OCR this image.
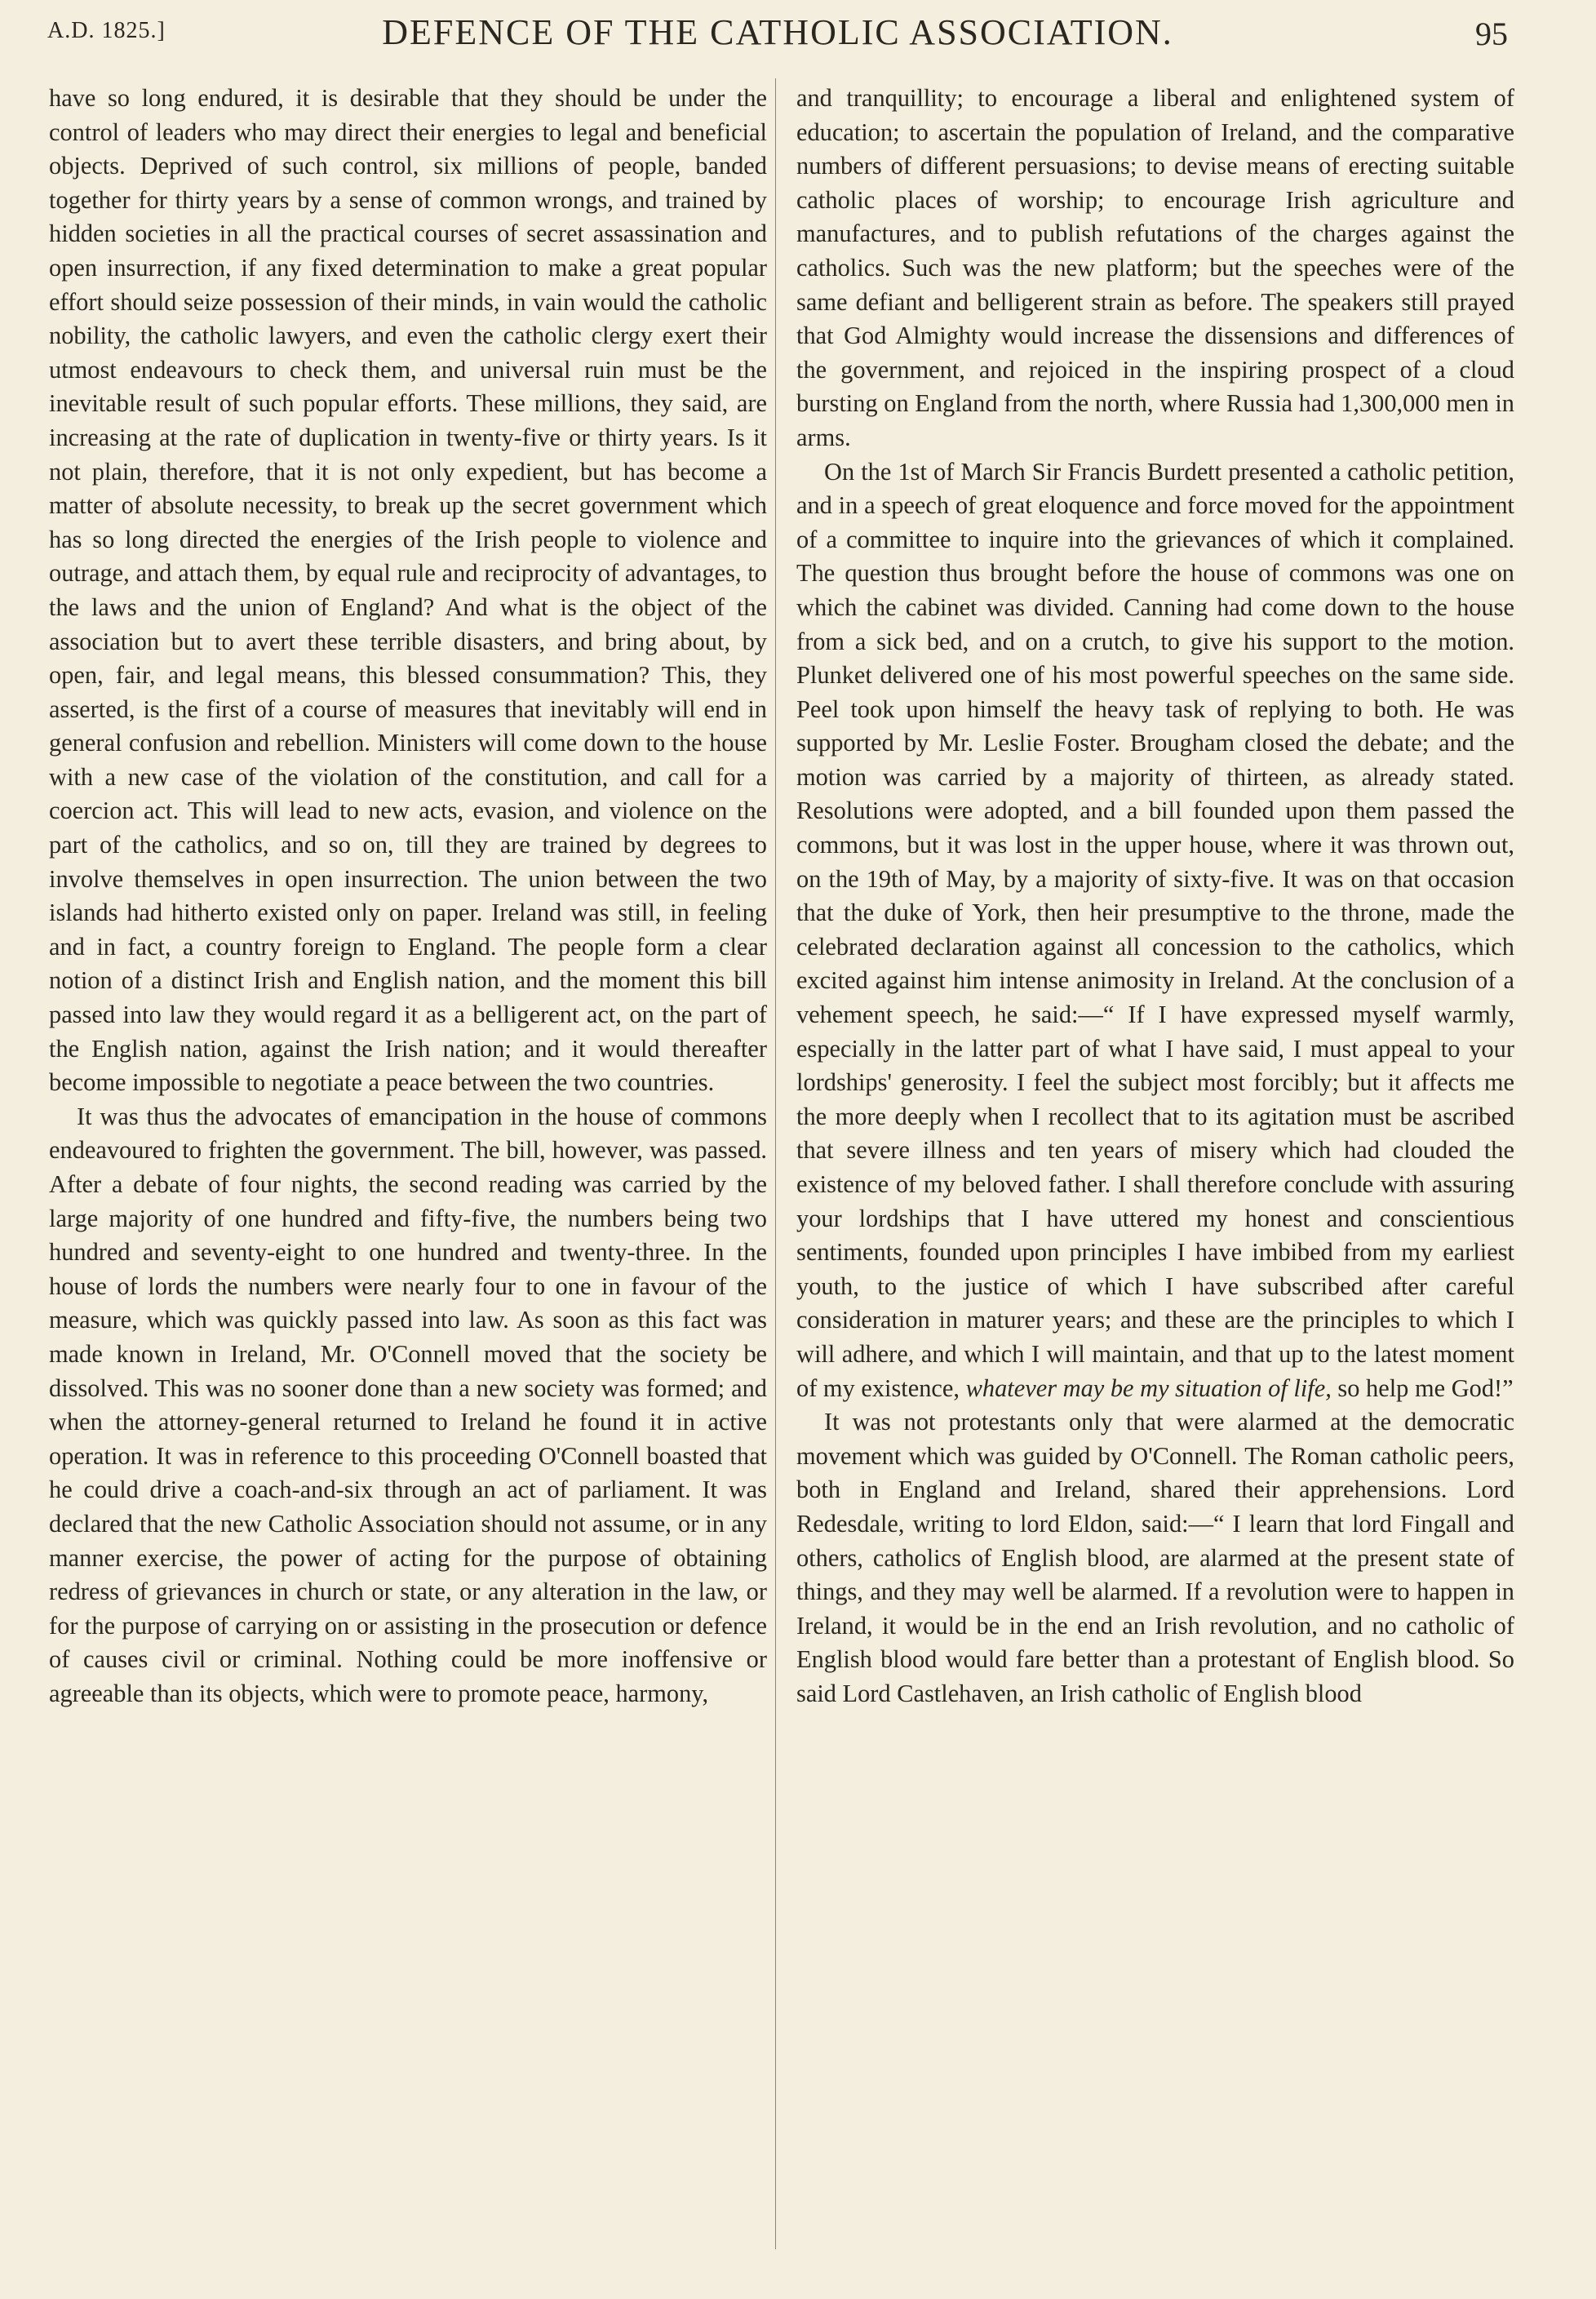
A.D. 1825.]	DEFENCE OF THE CATHOLIC ASSOCIATION.	95

have so long endured, it is desirable that they should be under the control of leaders who may direct their energies to legal and beneficial objects. Deprived of such control, six millions of people, banded together for thirty years by a sense of common wrongs, and trained by hidden societies in all the practical courses of secret assassination and open insurrection, if any fixed determination to make a great popular effort should seize possession of their minds, in vain would the catholic nobility, the catholic lawyers, and even the catholic clergy exert their utmost endeavours to check them, and universal ruin must be the inevitable result of such popular efforts. These millions, they said, are increasing at the rate of duplication in twenty-five or thirty years. Is it not plain, therefore, that it is not only expedient, but has become a matter of absolute necessity, to break up the secret government which has so long directed the energies of the Irish people to violence and outrage, and attach them, by equal rule and reciprocity of advantages, to the laws and the union of England? And what is the object of the association but to avert these terrible disasters, and bring about, by open, fair, and legal means, this blessed consummation? This, they asserted, is the first of a course of measures that inevitably will end in general confusion and rebellion. Ministers will come down to the house with a new case of the violation of the constitution, and call for a coercion act. This will lead to new acts, evasion, and violence on the part of the catholics, and so on, till they are trained by degrees to involve themselves in open insurrection. The union between the two islands had hitherto existed only on paper. Ireland was still, in feeling and in fact, a country foreign to England. The people form a clear notion of a distinct Irish and English nation, and the moment this bill passed into law they would regard it as a belligerent act, on the part of the English nation, against the Irish nation; and it would thereafter become impossible to negotiate a peace between the two countries.

It was thus the advocates of emancipation in the house of commons endeavoured to frighten the government. The bill, however, was passed. After a debate of four nights, the second reading was carried by the large majority of one hundred and fifty-five, the numbers being two hundred and seventy-eight to one hundred and twenty-three. In the house of lords the numbers were nearly four to one in favour of the measure, which was quickly passed into law. As soon as this fact was made known in Ireland, Mr. O'Connell moved that the society be dissolved. This was no sooner done than a new society was formed; and when the attorney-general returned to Ireland he found it in active operation. It was in reference to this proceeding O'Connell boasted that he could drive a coach-and-six through an act of parliament. It was declared that the new Catholic Association should not assume, or in any manner exercise, the power of acting for the purpose of obtaining redress of grievances in church or state, or any alteration in the law, or for the purpose of carrying on or assisting in the prosecution or defence of causes civil or criminal. Nothing could be more inoffensive or agreeable than its objects, which were to promote peace, harmony,

and tranquillity; to encourage a liberal and enlightened system of education; to ascertain the population of Ireland, and the comparative numbers of different persuasions; to devise means of erecting suitable catholic places of worship; to encourage Irish agriculture and manufactures, and to publish refutations of the charges against the catholics. Such was the new platform; but the speeches were of the same defiant and belligerent strain as before. The speakers still prayed that God Almighty would increase the dissensions and differences of the government, and rejoiced in the inspiring prospect of a cloud bursting on England from the north, where Russia had 1,300,000 men in arms.

On the 1st of March Sir Francis Burdett presented a catholic petition, and in a speech of great eloquence and force moved for the appointment of a committee to inquire into the grievances of which it complained. The question thus brought before the house of commons was one on which the cabinet was divided. Canning had come down to the house from a sick bed, and on a crutch, to give his support to the motion. Plunket delivered one of his most powerful speeches on the same side. Peel took upon himself the heavy task of replying to both. He was supported by Mr. Leslie Foster. Brougham closed the debate; and the motion was carried by a majority of thirteen, as already stated. Resolutions were adopted, and a bill founded upon them passed the commons, but it was lost in the upper house, where it was thrown out, on the 19th of May, by a majority of sixty-five. It was on that occasion that the duke of York, then heir presumptive to the throne, made the celebrated declaration against all concession to the catholics, which excited against him intense animosity in Ireland. At the conclusion of a vehement speech, he said:—“ If I have expressed myself warmly, especially in the latter part of what I have said, I must appeal to your lordships' generosity. I feel the subject most forcibly; but it affects me the more deeply when I recollect that to its agitation must be ascribed that severe illness and ten years of misery which had clouded the existence of my beloved father. I shall therefore conclude with assuring your lordships that I have uttered my honest and conscientious sentiments, founded upon principles I have imbibed from my earliest youth, to the justice of which I have subscribed after careful consideration in maturer years; and these are the principles to which I will adhere, and which I will maintain, and that up to the latest moment of my existence, whatever may be my situation of life, so help me God!”

It was not protestants only that were alarmed at the democratic movement which was guided by O'Connell. The Roman catholic peers, both in England and Ireland, shared their apprehensions. Lord Redesdale, writing to lord Eldon, said:—“ I learn that lord Fingall and others, catholics of English blood, are alarmed at the present state of things, and they may well be alarmed. If a revolution were to happen in Ireland, it would be in the end an Irish revolution, and no catholic of English blood would fare better than a protestant of English blood. So said Lord Castlehaven, an Irish catholic of English blood
